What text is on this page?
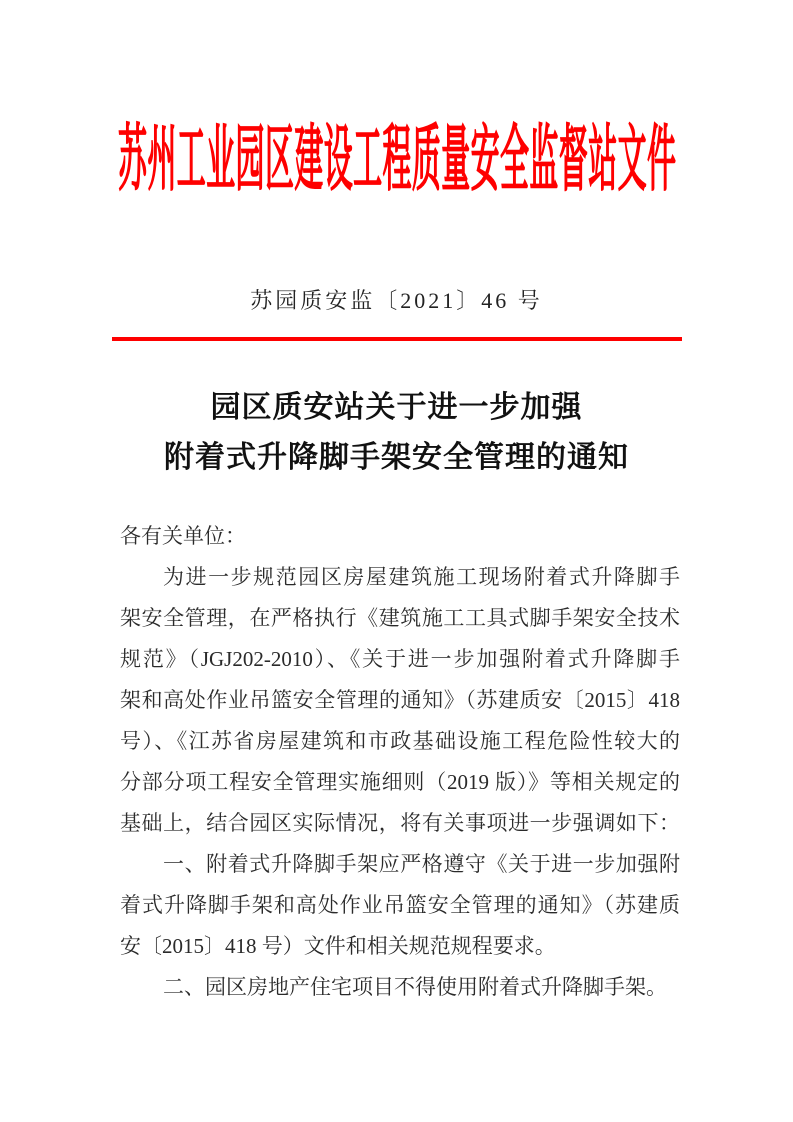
苏州工业园区建设工程质量安全监督站文件
苏园质安监〔2021〕46 号
园区质安站关于进一步加强
附着式升降脚手架安全管理的通知
各有关单位：
为进一步规范园区房屋建筑施工现场附着式升降脚手
架安全管理，在严格执行《建筑施工工具式脚手架安全技术
规范》（JGJ202-2010）、《关于进一步加强附着式升降脚手
架和高处作业吊篮安全管理的通知》（苏建质安〔2015〕418
号）、《江苏省房屋建筑和市政基础设施工程危险性较大的
分部分项工程安全管理实施细则（2019 版）》等相关规定的
基础上，结合园区实际情况，将有关事项进一步强调如下：
一、附着式升降脚手架应严格遵守《关于进一步加强附
着式升降脚手架和高处作业吊篮安全管理的通知》（苏建质
安〔2015〕418 号）文件和相关规范规程要求。
二、园区房地产住宅项目不得使用附着式升降脚手架。
